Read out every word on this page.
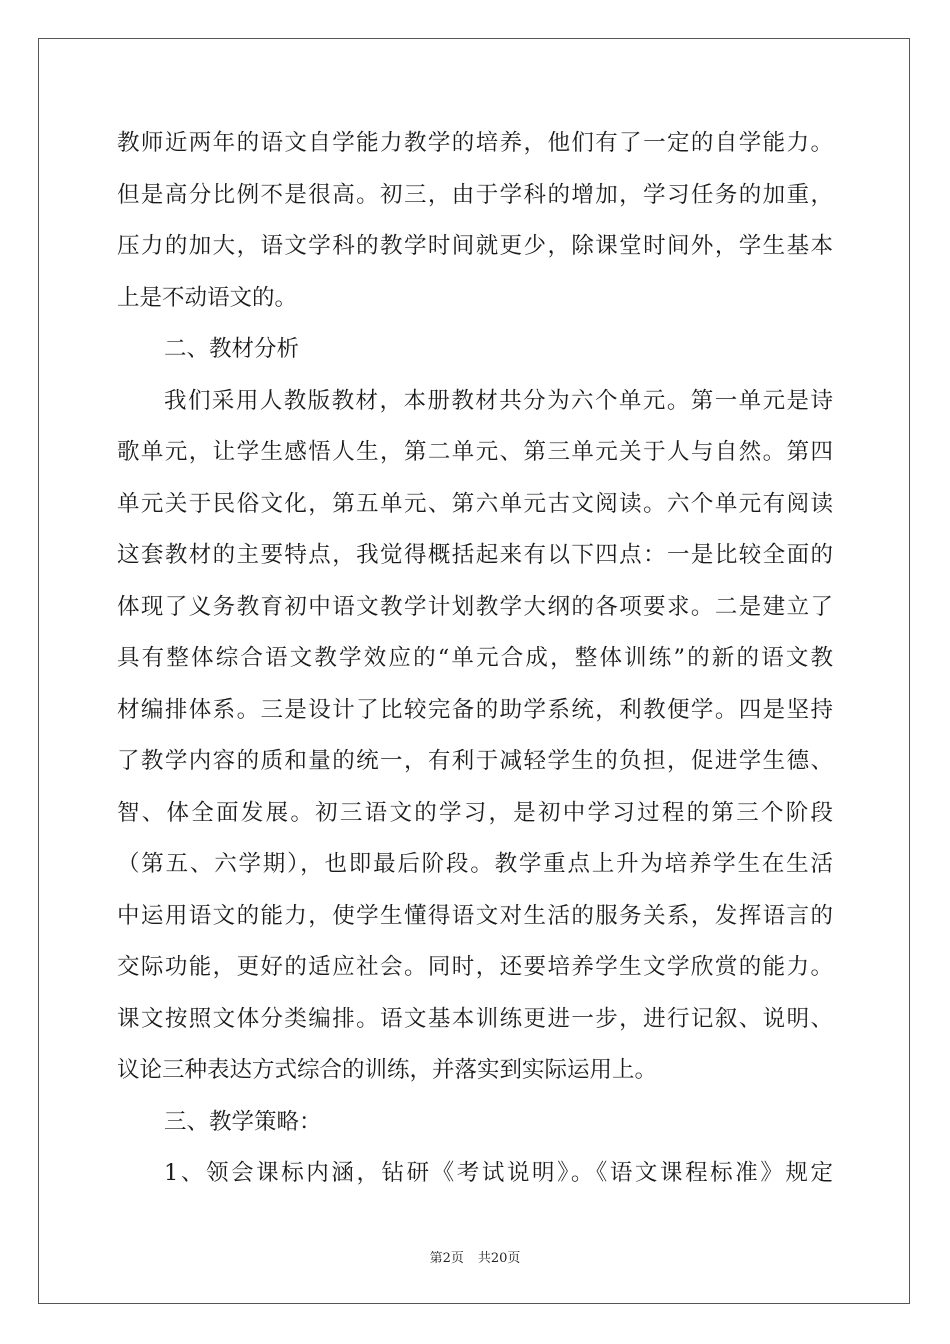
教师近两年的语文自学能力教学的培养，他们有了一定的自学能力。
但是高分比例不是很高。初三，由于学科的增加，学习任务的加重，
压力的加大，语文学科的教学时间就更少，除课堂时间外，学生基本
上是不动语文的。
二、教材分析
我们采用人教版教材，本册教材共分为六个单元。第一单元是诗
歌单元，让学生感悟人生，第二单元、第三单元关于人与自然。第四
单元关于民俗文化，第五单元、第六单元古文阅读。六个单元有阅读
这套教材的主要特点，我觉得概括起来有以下四点：一是比较全面的
体现了义务教育初中语文教学计划教学大纲的各项要求。二是建立了
具有整体综合语文教学效应的“单元合成，整体训练”的新的语文教
材编排体系。三是设计了比较完备的助学系统，利教便学。四是坚持
了教学内容的质和量的统一，有利于减轻学生的负担，促进学生德、
智、体全面发展。初三语文的学习，是初中学习过程的第三个阶段
（第五、六学期），也即最后阶段。教学重点上升为培养学生在生活
中运用语文的能力，使学生懂得语文对生活的服务关系，发挥语言的
交际功能，更好的适应社会。同时，还要培养学生文学欣赏的能力。
课文按照文体分类编排。语文基本训练更进一步，进行记叙、说明、
议论三种表达方式综合的训练，并落实到实际运用上。
三、教学策略：
1、领会课标内涵，钻研《考试说明》。《语文课程标准》规定
第2页 共20页
